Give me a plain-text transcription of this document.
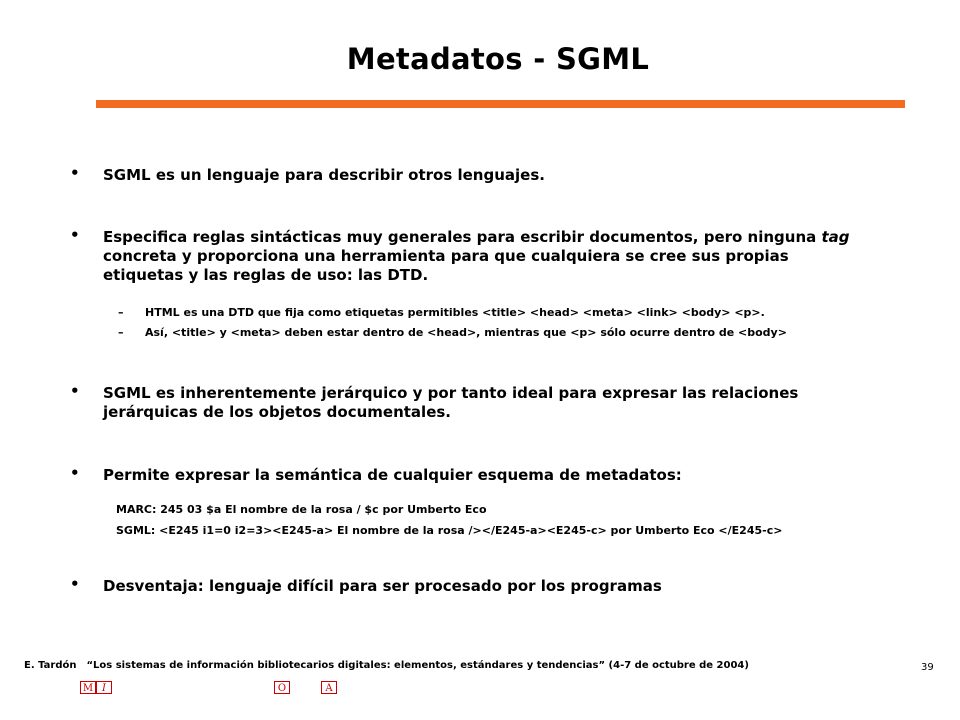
Metadatos - SGML
• SGML es un lenguaje para describir otros lenguajes.
• Especifica reglas sintácticas muy generales para escribir documentos, pero ninguna tag concreta y proporciona una herramienta para que cualquiera se cree sus propias etiquetas y las reglas de uso: las DTD.
– HTML es una DTD que fija como etiquetas permitibles <title> <head> <meta> <link> <body> <p>.
– Así, <title> y <meta> deben estar dentro de <head>, mientras que <p> sólo ocurre dentro de <body>
• SGML es inherentemente jerárquico y por tanto ideal para expresar las relaciones jerárquicas de los objetos documentales.
• Permite expresar la semántica de cualquier esquema de metadatos:
MARC: 245 03 $a El nombre de la rosa / $c por Umberto Eco
SGML: <E245 i1=0 i2=3><E245-a> El nombre de la rosa /></E245-a><E245-c> por Umberto Eco </E245-c>
• Desventaja: lenguaje difícil para ser procesado por los programas
E. Tardón “Los sistemas de información bibliotecarios digitales: elementos, estándares y tendencias” (4-7 de octubre de 2004)	39
M I	O	A
